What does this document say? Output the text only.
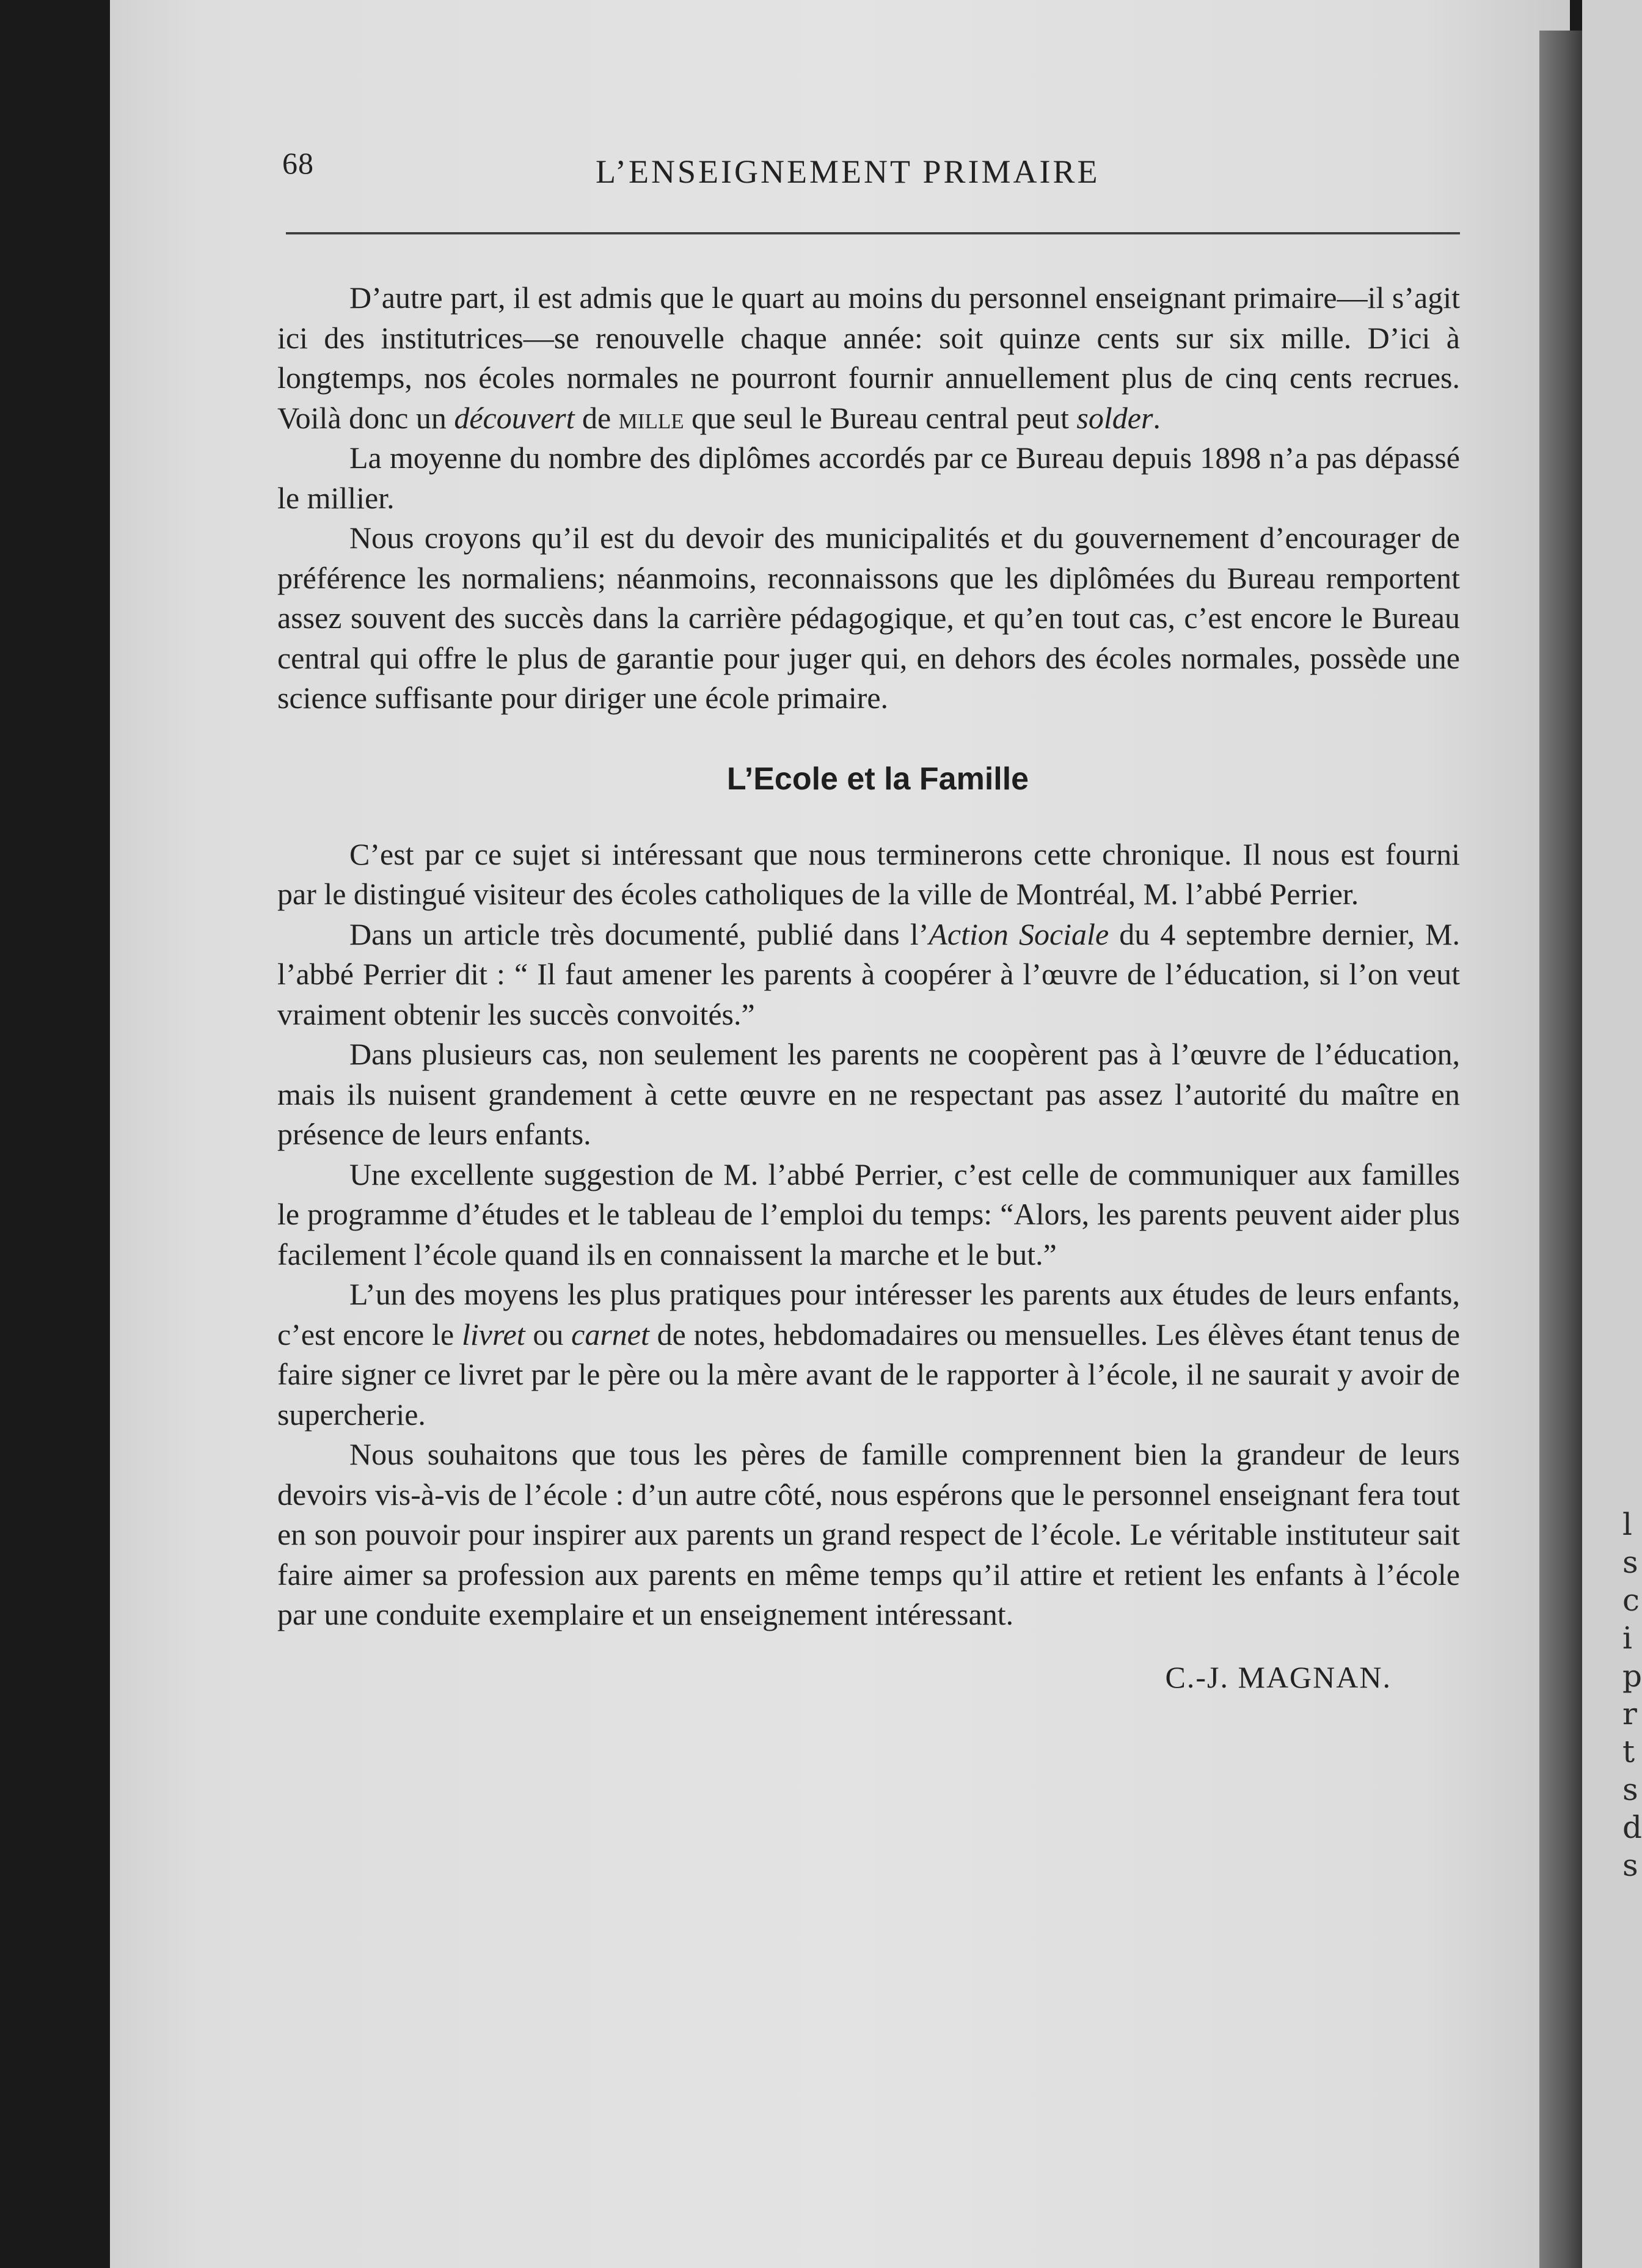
l
s
c
i
p
r
t
s
d
s
68	L’ENSEIGNEMENT PRIMAIRE

D’autre part, il est admis que le quart au moins du personnel enseignant primaire—il s’agit ici des institutrices—se renouvelle chaque année: soit quinze cents sur six mille. D’ici à longtemps, nos écoles normales ne pourront fournir annuellement plus de cinq cents recrues. Voilà donc un découvert de mille que seul le Bureau central peut solder.

La moyenne du nombre des diplômes accordés par ce Bureau depuis 1898 n’a pas dépassé le millier.

Nous croyons qu’il est du devoir des municipalités et du gouvernement d’encourager de préférence les normaliens; néanmoins, reconnaissons que les diplômées du Bureau remportent assez souvent des succès dans la carrière pédagogique, et qu’en tout cas, c’est encore le Bureau central qui offre le plus de garantie pour juger qui, en dehors des écoles normales, possède une science suffisante pour diriger une école primaire.

L’Ecole et la Famille

C’est par ce sujet si intéressant que nous terminerons cette chronique. Il nous est fourni par le distingué visiteur des écoles catholiques de la ville de Montréal, M. l’abbé Perrier.

Dans un article très documenté, publié dans l’Action Sociale du 4 septembre dernier, M. l’abbé Perrier dit : “ Il faut amener les parents à coopérer à l’œuvre de l’éducation, si l’on veut vraiment obtenir les succès convoités.”

Dans plusieurs cas, non seulement les parents ne coopèrent pas à l’œuvre de l’éducation, mais ils nuisent grandement à cette œuvre en ne respectant pas assez l’autorité du maître en présence de leurs enfants.

Une excellente suggestion de M. l’abbé Perrier, c’est celle de communiquer aux familles le programme d’études et le tableau de l’emploi du temps: “Alors, les parents peuvent aider plus facilement l’école quand ils en connaissent la marche et le but.”

L’un des moyens les plus pratiques pour intéresser les parents aux études de leurs enfants, c’est encore le livret ou carnet de notes, hebdomadaires ou mensuelles. Les élèves étant tenus de faire signer ce livret par le père ou la mère avant de le rapporter à l’école, il ne saurait y avoir de supercherie.

Nous souhaitons que tous les pères de famille comprennent bien la grandeur de leurs devoirs vis-à-vis de l’école : d’un autre côté, nous espérons que le personnel enseignant fera tout en son pouvoir pour inspirer aux parents un grand respect de l’école. Le véritable instituteur sait faire aimer sa profession aux parents en même temps qu’il attire et retient les enfants à l’école par une conduite exemplaire et un enseignement intéressant.

C.-J. MAGNAN.
